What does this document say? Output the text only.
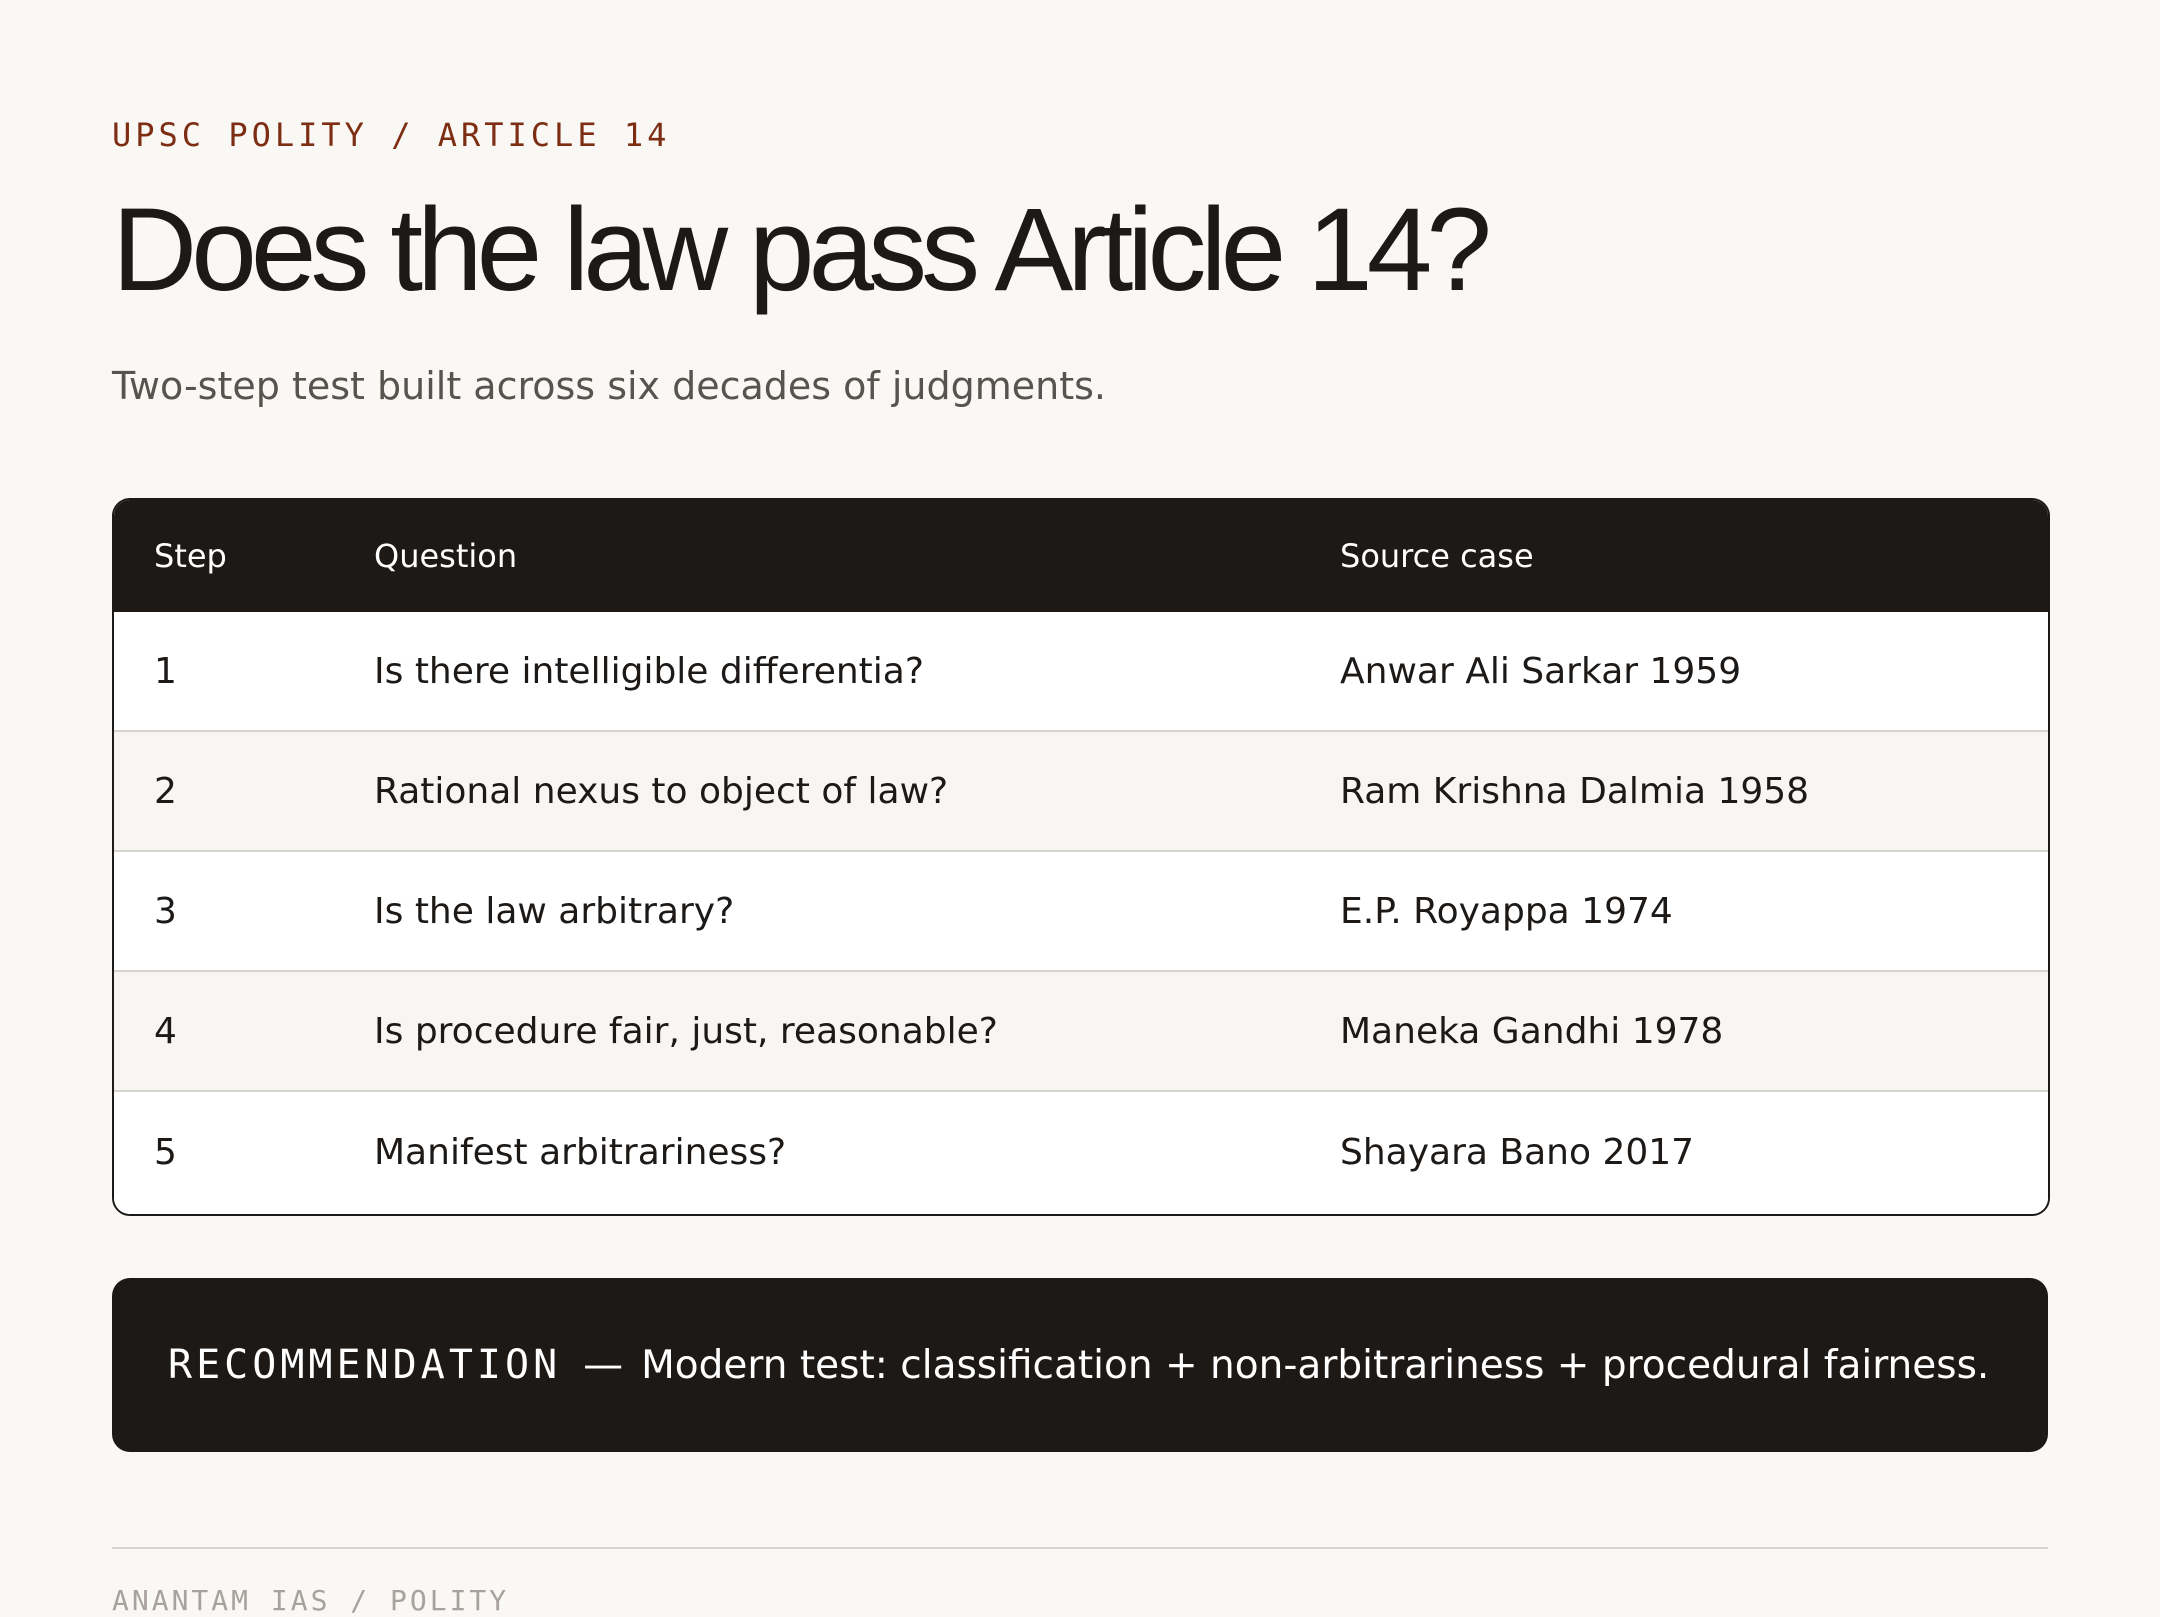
UPSC POLITY / ARTICLE 14
Does the law pass Article 14?
Two-step test built across six decades of judgments.
Step	Question	Source case
1	Is there intelligible differentia?	Anwar Ali Sarkar 1959
2	Rational nexus to object of law?	Ram Krishna Dalmia 1958
3	Is the law arbitrary?	E.P. Royappa 1974
4	Is procedure fair, just, reasonable?	Maneka Gandhi 1978
5	Manifest arbitrariness?	Shayara Bano 2017
RECOMMENDATION — Modern test: classification + non-arbitrariness + procedural fairness.
ANANTAM IAS / POLITY
